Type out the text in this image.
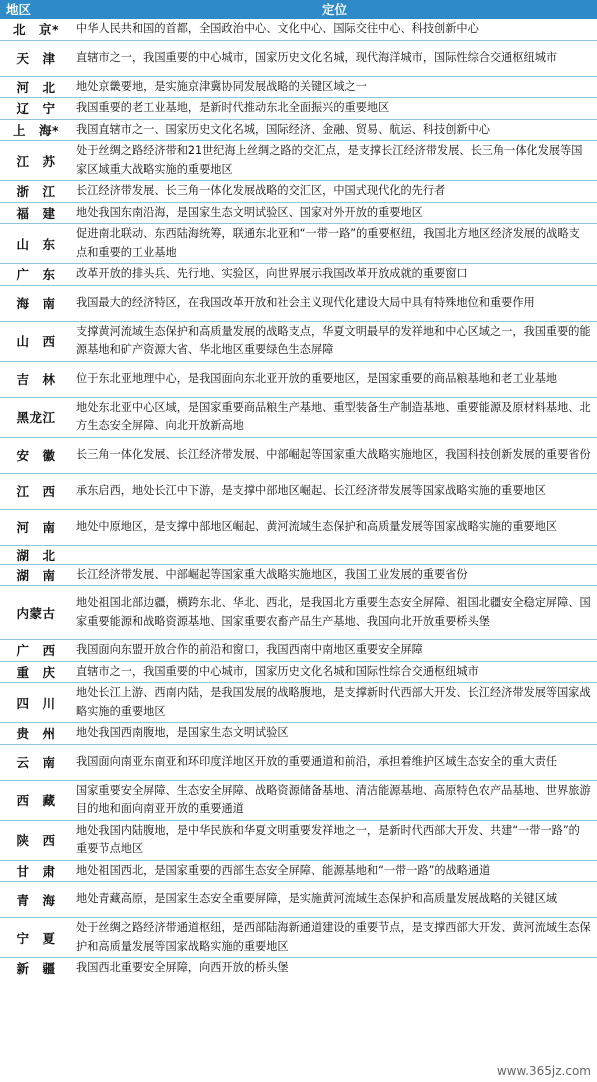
地区	定位
北　京*	中华人民共和国的首都，全国政治中心、文化中心、国际交往中心、科技创新中心
天　津	直辖市之一，我国重要的中心城市，国家历史文化名城，现代海洋城市，国际性综合交通枢纽城市
河　北	地处京畿要地，是实施京津冀协同发展战略的关键区域之一
辽　宁	我国重要的老工业基地，是新时代推动东北全面振兴的重要地区
上　海*	我国直辖市之一、国家历史文化名城，国际经济、金融、贸易、航运、科技创新中心
江　苏	处于丝绸之路经济带和21世纪海上丝绸之路的交汇点，是支撑长江经济带发展、长三角一体化发展等国家区域重大战略实施的重要地区
浙　江	长江经济带发展、长三角一体化发展战略的交汇区，中国式现代化的先行者
福　建	地处我国东南沿海，是国家生态文明试验区、国家对外开放的重要地区
山　东	促进南北联动、东西陆海统筹，联通东北亚和“一带一路”的重要枢纽，我国北方地区经济发展的战略支点和重要的工业基地
广　东	改革开放的排头兵、先行地、实验区，向世界展示我国改革开放成就的重要窗口
海　南	我国最大的经济特区，在我国改革开放和社会主义现代化建设大局中具有特殊地位和重要作用
山　西	支撑黄河流域生态保护和高质量发展的战略支点，华夏文明最早的发祥地和中心区域之一，我国重要的能源基地和矿产资源大省、华北地区重要绿色生态屏障
吉　林	位于东北亚地理中心，是我国面向东北亚开放的重要地区，是国家重要的商品粮基地和老工业基地
黑龙江	地处东北亚中心区域，是国家重要商品粮生产基地、重型装备生产制造基地、重要能源及原材料基地、北方生态安全屏障、向北开放新高地
安　徽	长三角一体化发展、长江经济带发展、中部崛起等国家重大战略实施地区，我国科技创新发展的重要省份
江　西	承东启西，地处长江中下游，是支撑中部地区崛起、长江经济带发展等国家战略实施的重要地区
河　南	地处中原地区，是支撑中部地区崛起、黄河流域生态保护和高质量发展等国家战略实施的重要地区
湖　北	
湖　南	长江经济带发展、中部崛起等国家重大战略实施地区，我国工业发展的重要省份
内蒙古	地处祖国北部边疆，横跨东北、华北、西北，是我国北方重要生态安全屏障、祖国北疆安全稳定屏障、国家重要能源和战略资源基地、国家重要农畜产品生产基地、我国向北开放重要桥头堡
广　西	我国面向东盟开放合作的前沿和窗口，我国西南中南地区重要安全屏障
重　庆	直辖市之一，我国重要的中心城市，国家历史文化名城和国际性综合交通枢纽城市
四　川	地处长江上游、西南内陆，是我国发展的战略腹地，是支撑新时代西部大开发、长江经济带发展等国家战略实施的重要地区
贵　州	地处我国西南腹地，是国家生态文明试验区
云　南	我国面向南亚东南亚和环印度洋地区开放的重要通道和前沿，承担着维护区域生态安全的重大责任
西　藏	国家重要安全屏障、生态安全屏障、战略资源储备基地、清洁能源基地、高原特色农产品基地、世界旅游目的地和面向南亚开放的重要通道
陕　西	地处我国内陆腹地，是中华民族和华夏文明重要发祥地之一，是新时代西部大开发、共建“一带一路”的重要节点地区
甘　肃	地处祖国西北，是国家重要的西部生态安全屏障、能源基地和“一带一路”的战略通道
青　海	地处青藏高原，是国家生态安全重要屏障，是实施黄河流域生态保护和高质量发展战略的关键区域
宁　夏	处于丝绸之路经济带通道枢纽，是西部陆海新通道建设的重要节点，是支撑西部大开发、黄河流域生态保护和高质量发展等国家战略实施的重要地区
新　疆	我国西北重要安全屏障，向西开放的桥头堡
www.365jz.com
